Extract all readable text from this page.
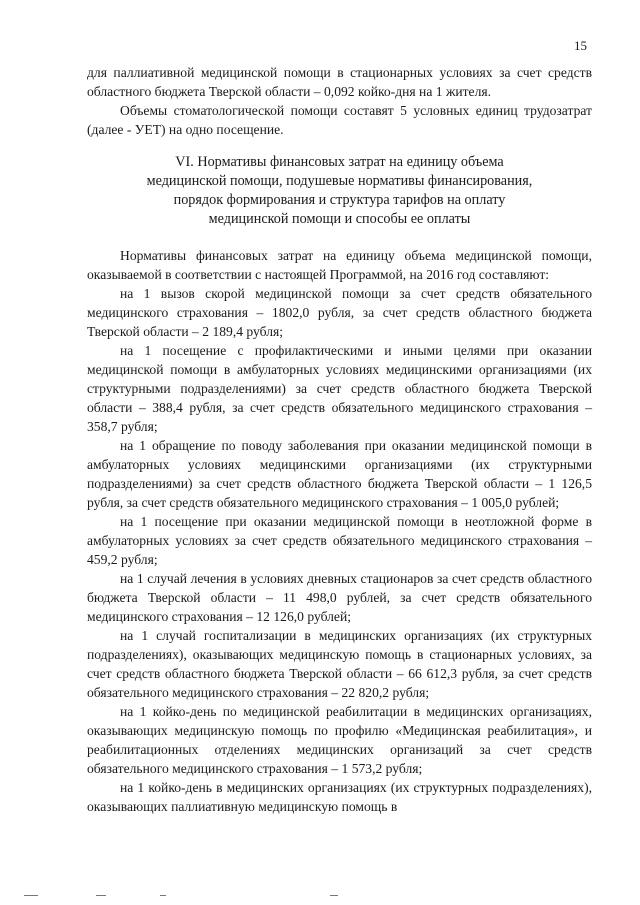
15

для паллиативной медицинской помощи в стационарных условиях за счет средств областного бюджета Тверской области – 0,092 койко-дня на 1 жителя.

Объемы стоматологической помощи составят 5 условных единиц трудозатрат (далее - УЕТ) на одно посещение.

VI. Нормативы финансовых затрат на единицу объема
медицинской помощи, подушевые нормативы финансирования,
порядок формирования и структура тарифов на оплату
медицинской помощи и способы ее оплаты

Нормативы финансовых затрат на единицу объема медицинской помощи, оказываемой в соответствии с настоящей Программой, на 2016 год составляют:

на 1 вызов скорой медицинской помощи за счет средств обязательного медицинского страхования – 1802,0 рубля, за счет средств областного бюджета Тверской области – 2 189,4 рубля;

на 1 посещение с профилактическими и иными целями при оказании медицинской помощи в амбулаторных условиях медицинскими организациями (их структурными подразделениями) за счет средств областного бюджета Тверской области – 388,4 рубля, за счет средств обязательного медицинского страхования – 358,7 рубля;

на 1 обращение по поводу заболевания при оказании медицинской помощи в амбулаторных условиях медицинскими организациями (их структурными подразделениями) за счет средств областного бюджета Тверской области – 1 126,5 рубля, за счет средств обязательного медицинского страхования – 1 005,0 рублей;

на 1 посещение при оказании медицинской помощи в неотложной форме в амбулаторных условиях за счет средств обязательного медицинского страхования – 459,2 рубля;

на 1 случай лечения в условиях дневных стационаров за счет средств областного бюджета Тверской области – 11 498,0 рублей, за счет средств обязательного медицинского страхования – 12 126,0 рублей;

на 1 случай госпитализации в медицинских организациях (их структурных подразделениях), оказывающих медицинскую помощь в стационарных условиях, за счет средств областного бюджета Тверской области – 66 612,3 рубля, за счет средств обязательного медицинского страхования – 22 820,2 рубля;

на 1 койко-день по медицинской реабилитации в медицинских организациях, оказывающих медицинскую помощь по профилю «Медицинская реабилитация», и реабилитационных отделениях медицинских организаций за счет средств обязательного медицинского страхования – 1 573,2 рубля;

на 1 койко-день в медицинских организациях (их структурных подразделениях), оказывающих паллиативную медицинскую помощь в
